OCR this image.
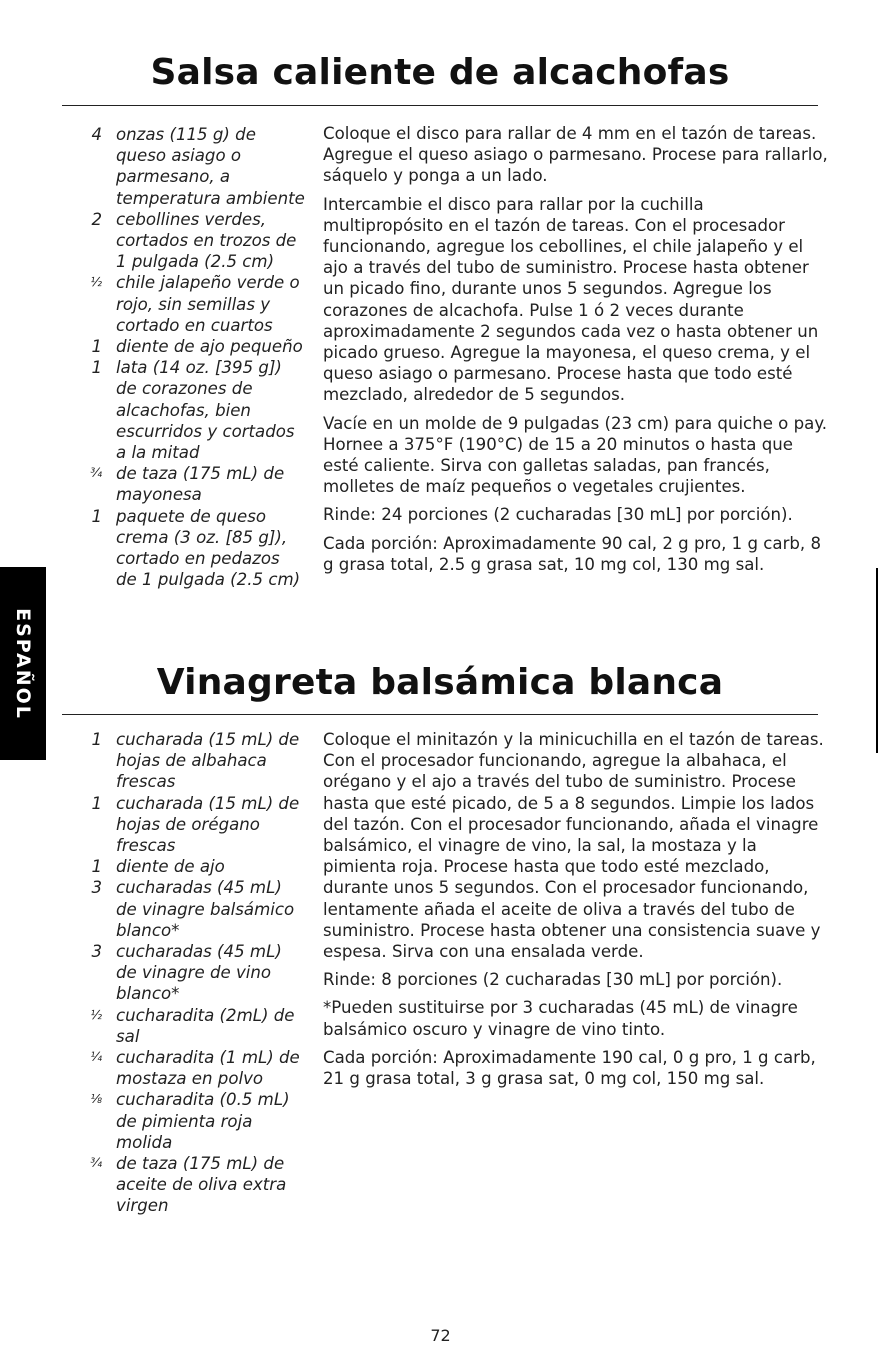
Salsa caliente de alcachofas
4 onzas (115 g) de queso asiago o parmesano, a temperatura ambiente
2 cebollines verdes, cortados en trozos de 1 pulgada (2.5 cm)
½ chile jalapeño verde o rojo, sin semillas y cortado en cuartos
1 diente de ajo pequeño
1 lata (14 oz. [395 g]) de corazones de alcachofas, bien escurridos y cortados a la mitad
¾ de taza (175 mL) de mayonesa
1 paquete de queso crema (3 oz. [85 g]), cortado en pedazos de 1 pulgada (2.5 cm)

Coloque el disco para rallar de 4 mm en el tazón de tareas. Agregue el queso asiago o parmesano. Procese para rallarlo, sáquelo y ponga a un lado.

Intercambie el disco para rallar por la cuchilla multipropósito en el tazón de tareas. Con el procesador funcionando, agregue los cebollines, el chile jalapeño y el ajo a través del tubo de suministro. Procese hasta obtener un picado fino, durante unos 5 segundos. Agregue los corazones de alcachofa. Pulse 1 ó 2 veces durante aproximadamente 2 segundos cada vez o hasta obtener un picado grueso. Agregue la mayonesa, el queso crema, y el queso asiago o parmesano. Procese hasta que todo esté mezclado, alrededor de 5 segundos.

Vacíe en un molde de 9 pulgadas (23 cm) para quiche o pay. Hornee a 375°F (190°C) de 15 a 20 minutos o hasta que esté caliente. Sirva con galletas saladas, pan francés, molletes de maíz pequeños o vegetales crujientes.

Rinde: 24 porciones (2 cucharadas [30 mL] por porción).

Cada porción: Aproximadamente 90 cal, 2 g pro, 1 g carb, 8 g grasa total, 2.5 g grasa sat, 10 mg col, 130 mg sal.

Vinagreta balsámica blanca
1 cucharada (15 mL) de hojas de albahaca frescas
1 cucharada (15 mL) de hojas de orégano frescas
1 diente de ajo
3 cucharadas (45 mL) de vinagre balsámico blanco*
3 cucharadas (45 mL) de vinagre de vino blanco*
½ cucharadita (2mL) de sal
¼ cucharadita (1 mL) de mostaza en polvo
⅛ cucharadita (0.5 mL) de pimienta roja molida
¾ de taza (175 mL) de aceite de oliva extra virgen

Coloque el minitazón y la minicuchilla en el tazón de tareas. Con el procesador funcionando, agregue la albahaca, el orégano y el ajo a través del tubo de suministro. Procese hasta que esté picado, de 5 a 8 segundos. Limpie los lados del tazón. Con el procesador funcionando, añada el vinagre balsámico, el vinagre de vino, la sal, la mostaza y la pimienta roja. Procese hasta que todo esté mezclado, durante unos 5 segundos. Con el procesador funcionando, lentamente añada el aceite de oliva a través del tubo de suministro. Procese hasta obtener una consistencia suave y espesa. Sirva con una ensalada verde.

Rinde: 8 porciones (2 cucharadas [30 mL] por porción).

*Pueden sustituirse por 3 cucharadas (45 mL) de vinagre balsámico oscuro y vinagre de vino tinto.

Cada porción: Aproximadamente 190 cal, 0 g pro, 1 g carb, 21 g grasa total, 3 g grasa sat, 0 mg col, 150 mg sal.

ESPAÑOL
72
